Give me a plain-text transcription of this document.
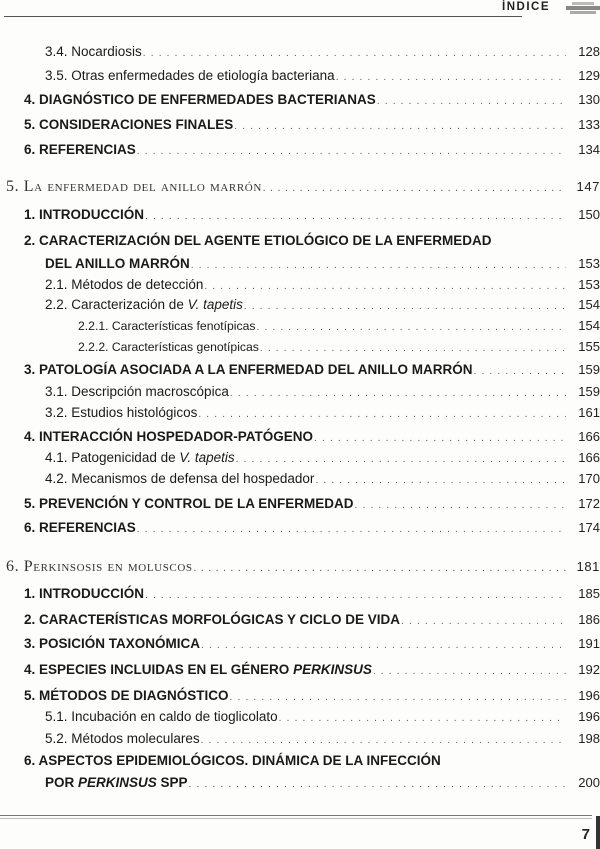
ÍNDICE
3.4. Nocardiosis . . .	128
3.5. Otras enfermedades de etiología bacteriana . . .	129
4. DIAGNÓSTICO DE ENFERMEDADES BACTERIANAS . . .	130
5. CONSIDERACIONES FINALES . . .	133
6. REFERENCIAS . . .	134
5. La enfermedad del anillo marrón . . .	147
1. INTRODUCCIÓN . . .	150
2. CARACTERIZACIÓN DEL AGENTE ETIOLÓGICO DE LA ENFERMEDAD
DEL ANILLO MARRÓN . . .	153
2.1. Métodos de detección . . .	153
2.2. Caracterización de V. tapetis . . .	154
2.2.1. Características fenotípicas . . .	154
2.2.2. Características genotípicas . . .	155
3. PATOLOGÍA ASOCIADA A LA ENFERMEDAD DEL ANILLO MARRÓN . . .	159
3.1. Descripción macroscópica . . .	159
3.2. Estudios histológicos . . .	161
4. INTERACCIÓN HOSPEDADOR-PATÓGENO . . .	166
4.1. Patogenicidad de V. tapetis . . .	166
4.2. Mecanismos de defensa del hospedador . . .	170
5. PREVENCIÓN Y CONTROL DE LA ENFERMEDAD . . .	172
6. REFERENCIAS . . .	174
6. Perkinsosis en moluscos . . .	181
1. INTRODUCCIÓN . . .	185
2. CARACTERÍSTICAS MORFOLÓGICAS Y CICLO DE VIDA . . .	186
3. POSICIÓN TAXONÓMICA . . .	191
4. ESPECIES INCLUIDAS EN EL GÉNERO PERKINSUS . . .	192
5. MÉTODOS DE DIAGNÓSTICO . . .	196
5.1. Incubación en caldo de tioglicolato . . .	196
5.2. Métodos moleculares . . .	198
6. ASPECTOS EPIDEMIOLÓGICOS. DINÁMICA DE LA INFECCIÓN
POR PERKINSUS SPP . . .	200
7
